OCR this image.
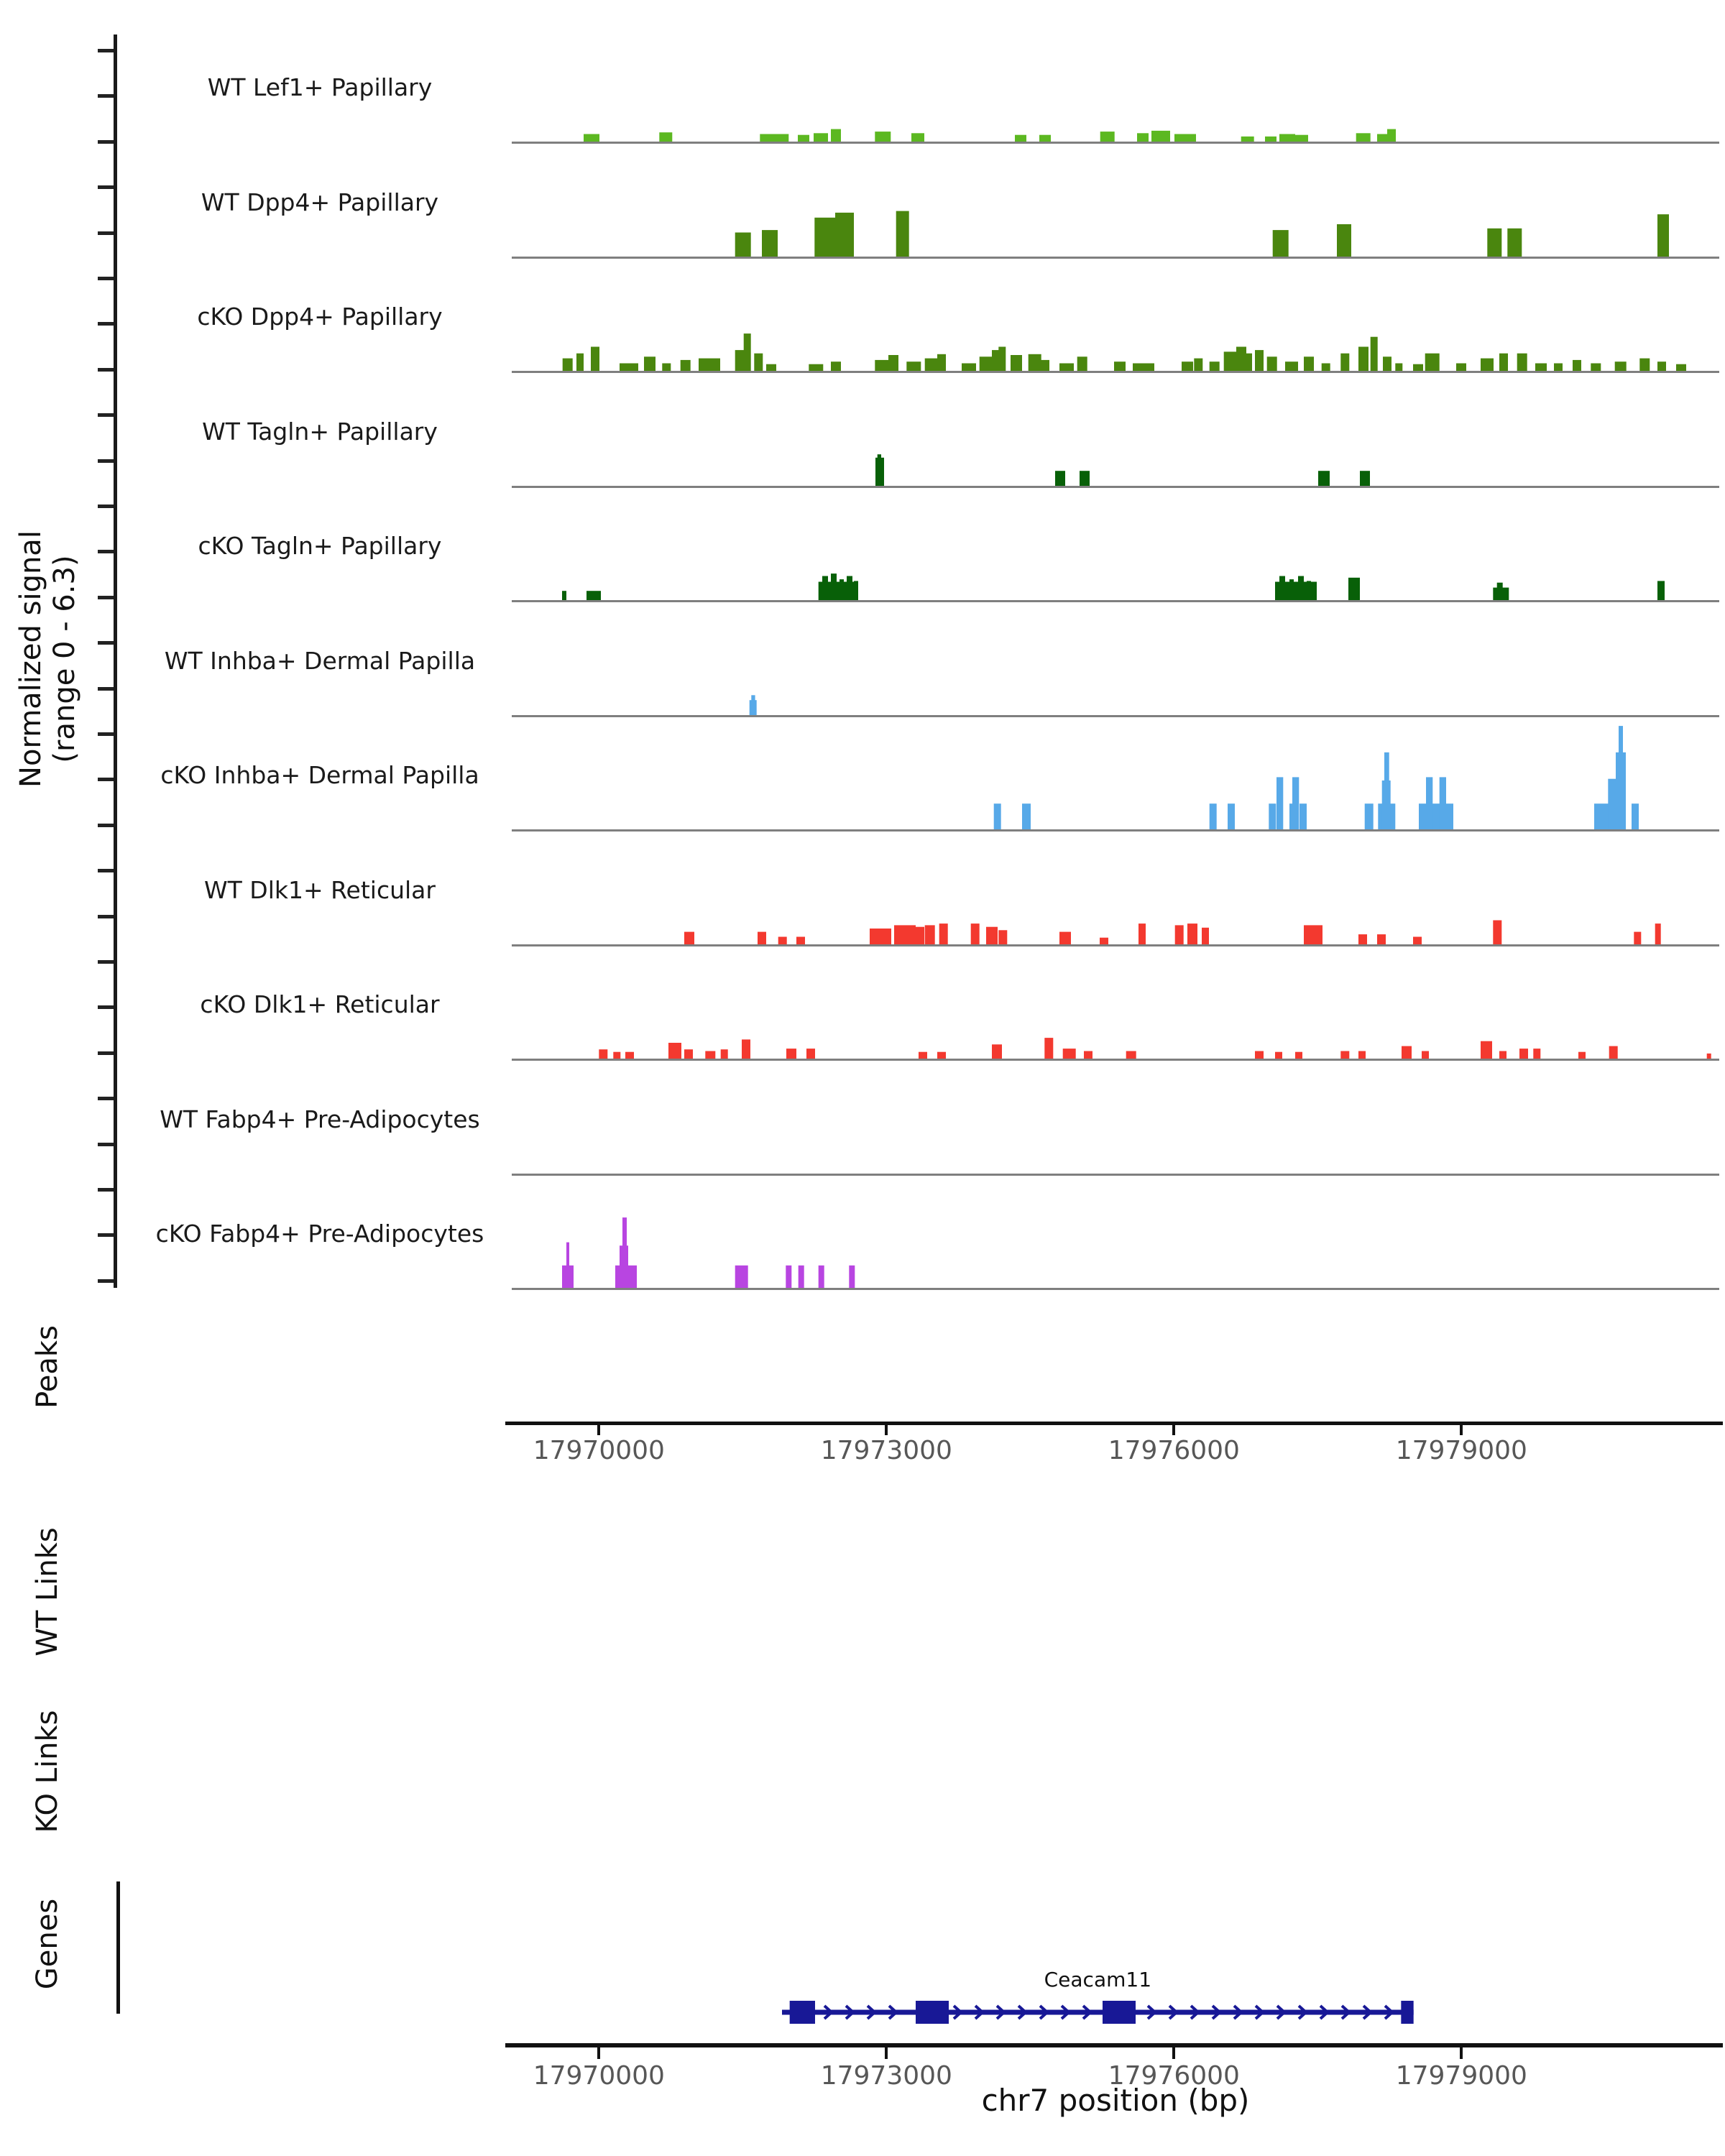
Normalized signal (range 0 - 6.3)
WT Lef1+ Papillary
WT Dpp4+ Papillary
cKO Dpp4+ Papillary
WT Tagln+ Papillary
cKO Tagln+ Papillary
WT Inhba+ Dermal Papilla
cKO Inhba+ Dermal Papilla
WT Dlk1+ Reticular
cKO Dlk1+ Reticular
WT Fabp4+ Pre-Adipocytes
cKO Fabp4+ Pre-Adipocytes
Peaks
17970000	17973000	17976000	17979000
WT Links
KO Links
Genes	Ceacam11
17970000	17973000	17976000	17979000
chr7 position (bp)
